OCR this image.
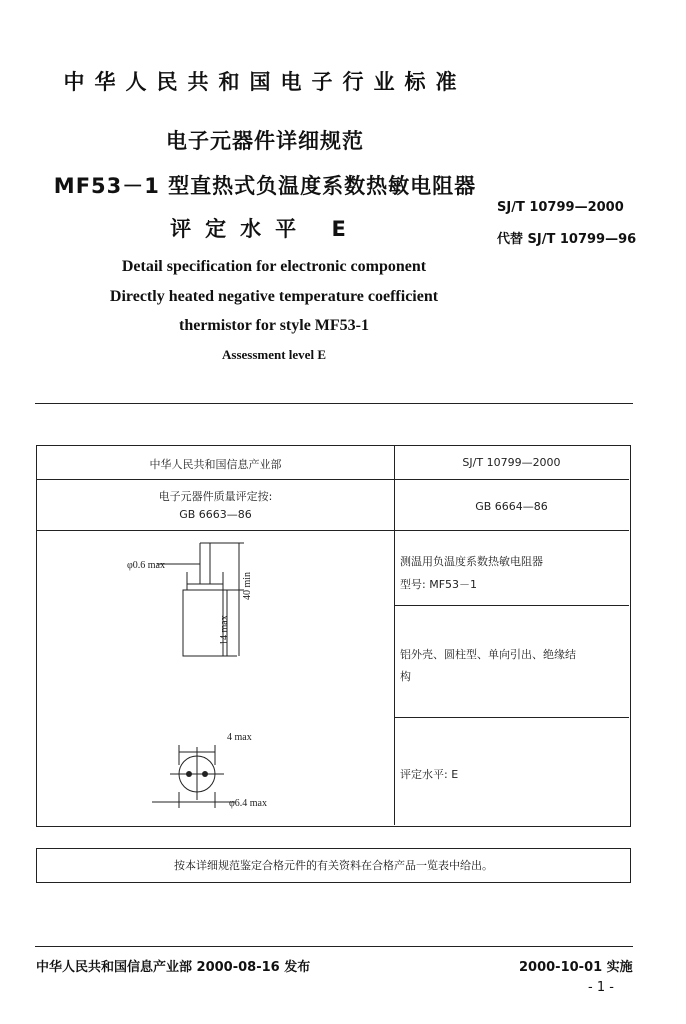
中华人民共和国电子行业标准
电子元器件详细规范
MF53－1 型直热式负温度系数热敏电阻器
评定水平 E
SJ/T 10799—2000
代替 SJ/T 10799—96
Detail specification for electronic component
Directly heated negative temperature coefficient
thermistor for style MF53-1
Assessment level E
中华人民共和国信息产业部	SJ/T 10799—2000
电子元器件质量评定按:
GB 6663—86
GB 6664—86
测温用负温度系数热敏电阻器
型号: MF53－1
铝外壳、圆柱型、单向引出、绝缘结
构
评定水平: E
φ0.6 max
40 min
14 max
4 max
φ6.4 max
按本详细规范鉴定合格元件的有关资料在合格产品一览表中给出。
中华人民共和国信息产业部 2000-08-16 发布	2000-10-01 实施
- 1 -
